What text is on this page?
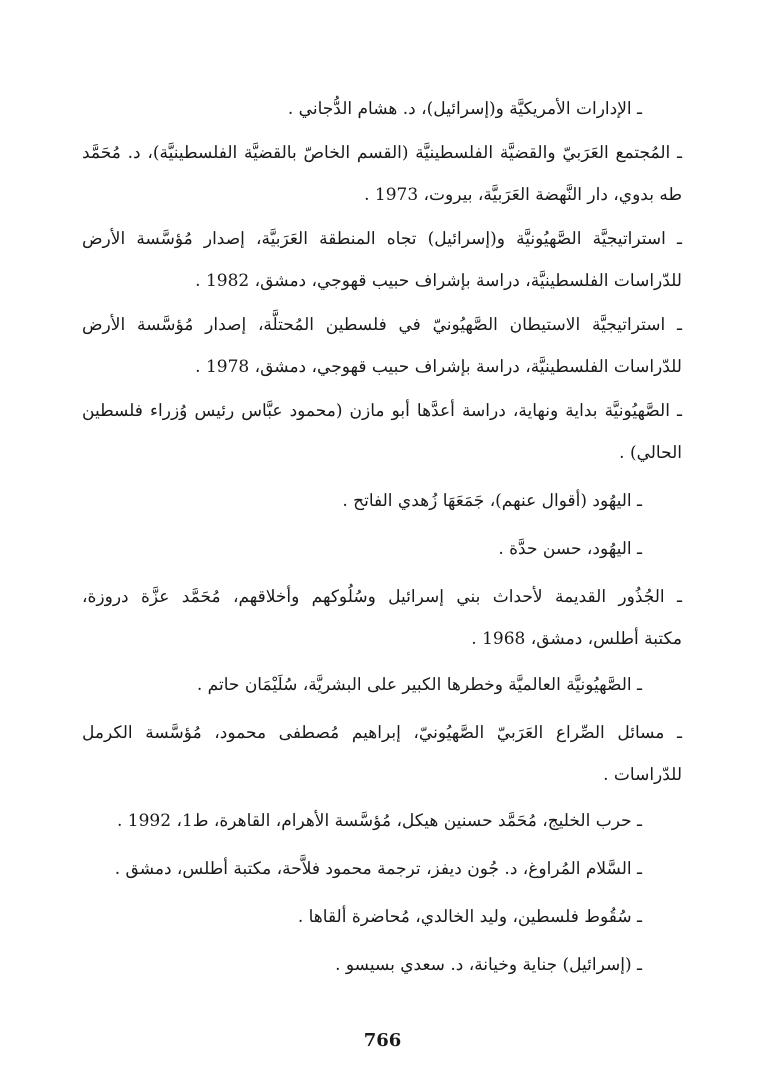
ـ الإدارات الأمريكيَّة و(إسرائيل)، د. هشام الدُّجاني .
ـ المُجتمع العَرَبيّ والقضيَّة الفلسطينيَّة (القسم الخاصّ بالقضيَّة الفلسطينيَّة)، د. مُحَمَّد
طه بدوي، دار النَّهضة العَرَبيَّة، بيروت، 1973 .
ـ استراتيجيَّة الصَّهيُونيَّة و(إسرائيل) تجاه المنطقة العَرَبيَّة، إصدار مُؤسَّسة الأرض
للدّراسات الفلسطينيَّة، دراسة بإشراف حبيب قهوجي، دمشق، 1982 .
ـ استراتيجيَّة الاستيطان الصَّهيُونيّ في فلسطين المُحتلَّة، إصدار مُؤسَّسة الأرض
للدّراسات الفلسطينيَّة، دراسة بإشراف حبيب قهوجي، دمشق، 1978 .
ـ الصَّهيُونيَّة بداية ونهاية، دراسة أعدَّها أبو مازن (محمود عبَّاس رئيس وُزراء فلسطين
الحالي) .
ـ اليهُود (أقوال عنهم)، جَمَعَهَا زُهدي الفاتح .
ـ اليهُود، حسن حدَّة .
ـ الجُذُور القديمة لأحداث بني إسرائيل وسُلُوكهم وأخلاقهم، مُحَمَّد عزَّة دروزة،
مكتبة أطلس، دمشق، 1968 .
ـ الصَّهيُونيَّة العالميَّة وخطرها الكبير على البشريَّة، سُلَيْمَان حاتم .
ـ مسائل الصِّراع العَرَبيّ الصَّهيُونيّ، إبراهيم مُصطفى محمود، مُؤسَّسة الكرمل
للدّراسات .
ـ حرب الخليج، مُحَمَّد حسنين هيكل، مُؤسَّسة الأهرام، القاهرة، ط1، 1992 .
ـ السَّلام المُراوغ، د. جُون ديفز، ترجمة محمود فلاَّحة، مكتبة أطلس، دمشق .
ـ سُقُوط فلسطين، وليد الخالدي، مُحاضرة ألقاها .
ـ (إسرائيل) جناية وخيانة، د. سعدي بسيسو .
766
